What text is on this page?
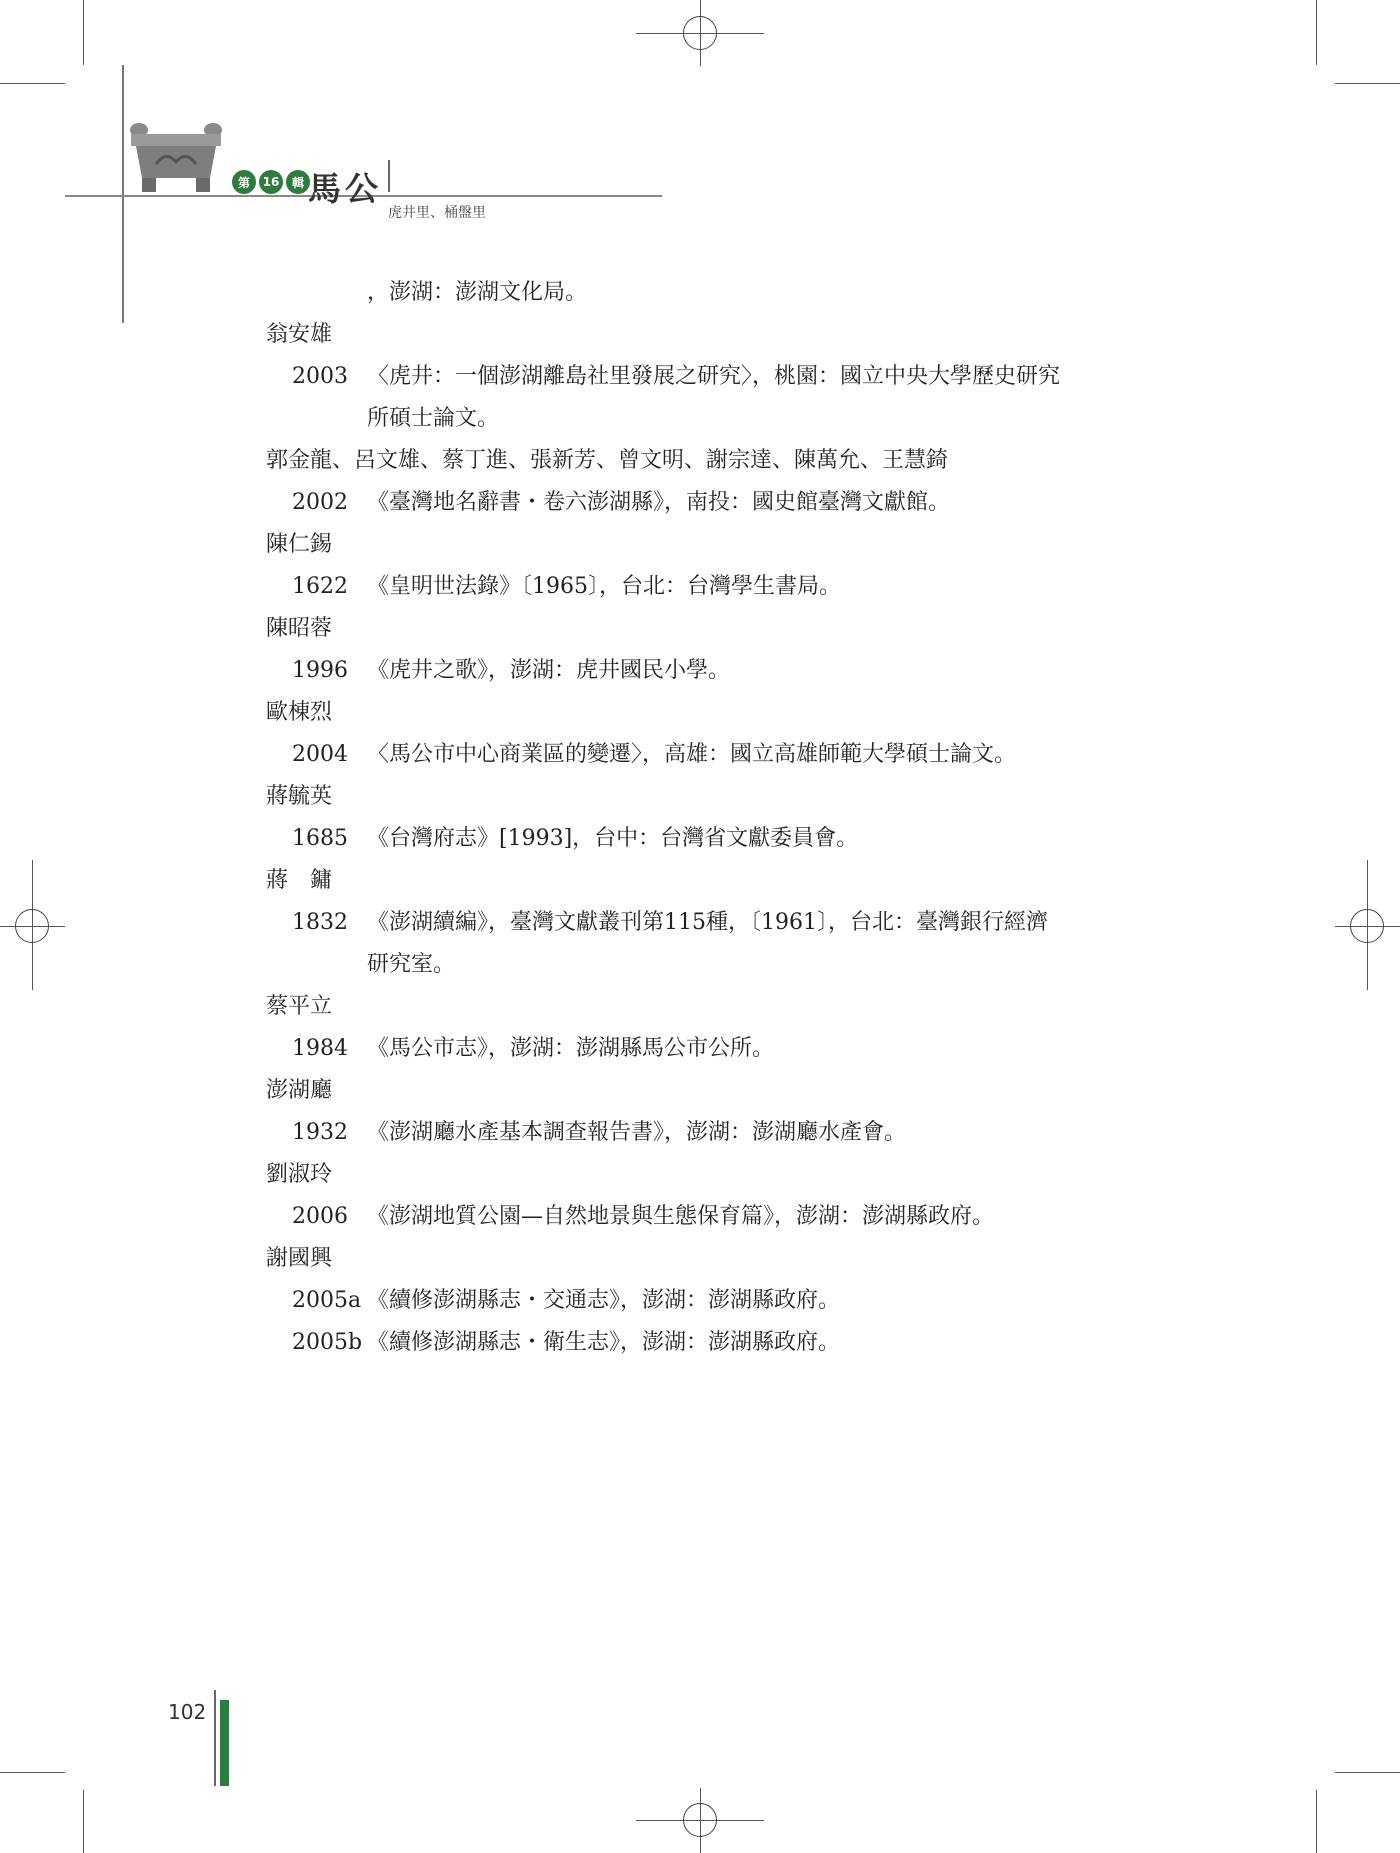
第	16	輯 馬公
虎井里、桶盤里
，澎湖：澎湖文化局。
翁安雄
2003 〈虎井：一個澎湖離島社里發展之研究〉，桃園：國立中央大學歷史研究
所碩士論文。
郭金龍、呂文雄、蔡丁進、張新芳、曾文明、謝宗達、陳萬允、王慧錡
2002 《臺灣地名辭書・卷六澎湖縣》，南投：國史館臺灣文獻館。
陳仁錫
1622 《皇明世法錄》〔1965〕，台北：台灣學生書局。
陳昭蓉
1996 《虎井之歌》，澎湖：虎井國民小學。
歐棟烈
2004 〈馬公市中心商業區的變遷〉，高雄：國立高雄師範大學碩士論文。
蔣毓英
1685 《台灣府志》[1993]，台中：台灣省文獻委員會。
蔣　鏞
1832 《澎湖續編》，臺灣文獻叢刊第115種，〔1961〕，台北：臺灣銀行經濟
研究室。
蔡平立
1984 《馬公市志》，澎湖：澎湖縣馬公市公所。
澎湖廳
1932 《澎湖廳水產基本調查報告書》，澎湖：澎湖廳水產會。
劉淑玲
2006 《澎湖地質公園—自然地景與生態保育篇》，澎湖：澎湖縣政府。
謝國興
2005a 《續修澎湖縣志・交通志》，澎湖：澎湖縣政府。
2005b 《續修澎湖縣志・衛生志》，澎湖：澎湖縣政府。
102
